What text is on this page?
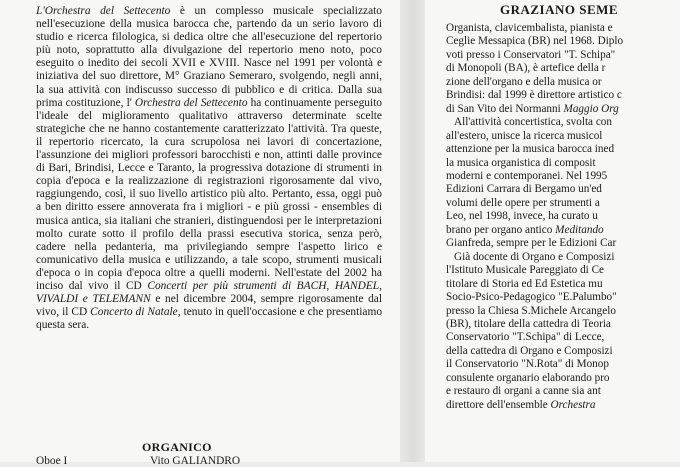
L'Orchestra del Settecento è un complesso musicale specializzato nell'esecuzione della musica barocca che, partendo da un serio lavoro di studio e ricerca filologica, si dedica oltre che all'esecuzione del repertorio più noto, soprattutto alla divulgazione del repertorio meno noto, poco eseguito o inedito dei secoli XVII e XVIII. Nasce nel 1991 per volontà e iniziativa del suo direttore, M° Graziano Semeraro, svolgendo, negli anni, la sua attività con indiscusso successo di pubblico e di critica. Dalla sua prima costituzione, l' Orchestra del Settecento ha continuamente perseguito l'ideale del miglioramento qualitativo attraverso determinate scelte strategiche che ne hanno costantemente caratterizzato l'attività. Tra queste, il repertorio ricercato, la cura scrupolosa nei lavori di concertazione, l'assunzione dei migliori professori barocchisti e non, attinti dalle province di Bari, Brindisi, Lecce e Taranto, la progressiva dotazione di strumenti in copia d'epoca e la realizzazione di registrazioni rigorosamente dal vivo, raggiungendo, così, il suo livello artistico più alto. Pertanto, essa, oggi può a ben diritto essere annoverata fra i migliori - e più grossi - ensembles di musica antica, sia italiani che stranieri, distinguendosi per le interpretazioni molto curate sotto il profilo della prassi esecutiva storica, senza però, cadere nella pedanteria, ma privilegiando sempre l'aspetto lirico e comunicativo della musica e utilizzando, a tale scopo, strumenti musicali d'epoca o in copia d'epoca oltre a quelli moderni. Nell'estate del 2002 ha inciso dal vivo il CD Concerti per più strumenti di BACH, HANDEL, VIVALDI e TELEMANN e nel dicembre 2004, sempre rigorosamente dal vivo, il CD Concerto di Natale, tenuto in quell'occasione e che presentiamo questa sera.

ORGANICO
Oboe I	Vito GALIANDRO
GRAZIANO SEME
Organista, clavicembalista, pianista e
Ceglie Messapica (BR) nel 1968. Diplo
voti presso i Conservatori "T. Schipa"
di Monopoli (BA), è artefice della r
zione dell'organo e della musica or
Brindisi: dal 1999 è direttore artistico c
di San Vito dei Normanni Maggio Org
All'attività concertistica, svolta con
all'estero, unisce la ricerca musicol
attenzione per la musica barocca ined
la musica organistica di composit
moderni e contemporanei. Nel 1995
Edizioni Carrara di Bergamo un'ed
volumi delle opere per strumenti a
Leo, nel 1998, invece, ha curato u
brano per organo antico Meditando
Gianfreda, sempre per le Edizioni Car
Già docente di Organo e Composizi
l'Istituto Musicale Pareggiato di Ce
titolare di Storia ed Ed Estetica mu
Socio-Psico-Pedagogico "E.Palumbo"
presso la Chiesa S.Michele Arcangelo
(BR), titolare della cattedra di Teoria
Conservatorio "T.Schipa" di Lecce,
della cattedra di Organo e Composizi
il Conservatorio "N.Rota" di Monop
consulente organario elaborando pro
e restauro di organi a canne sia ant
direttore dell'ensemble Orchestra
